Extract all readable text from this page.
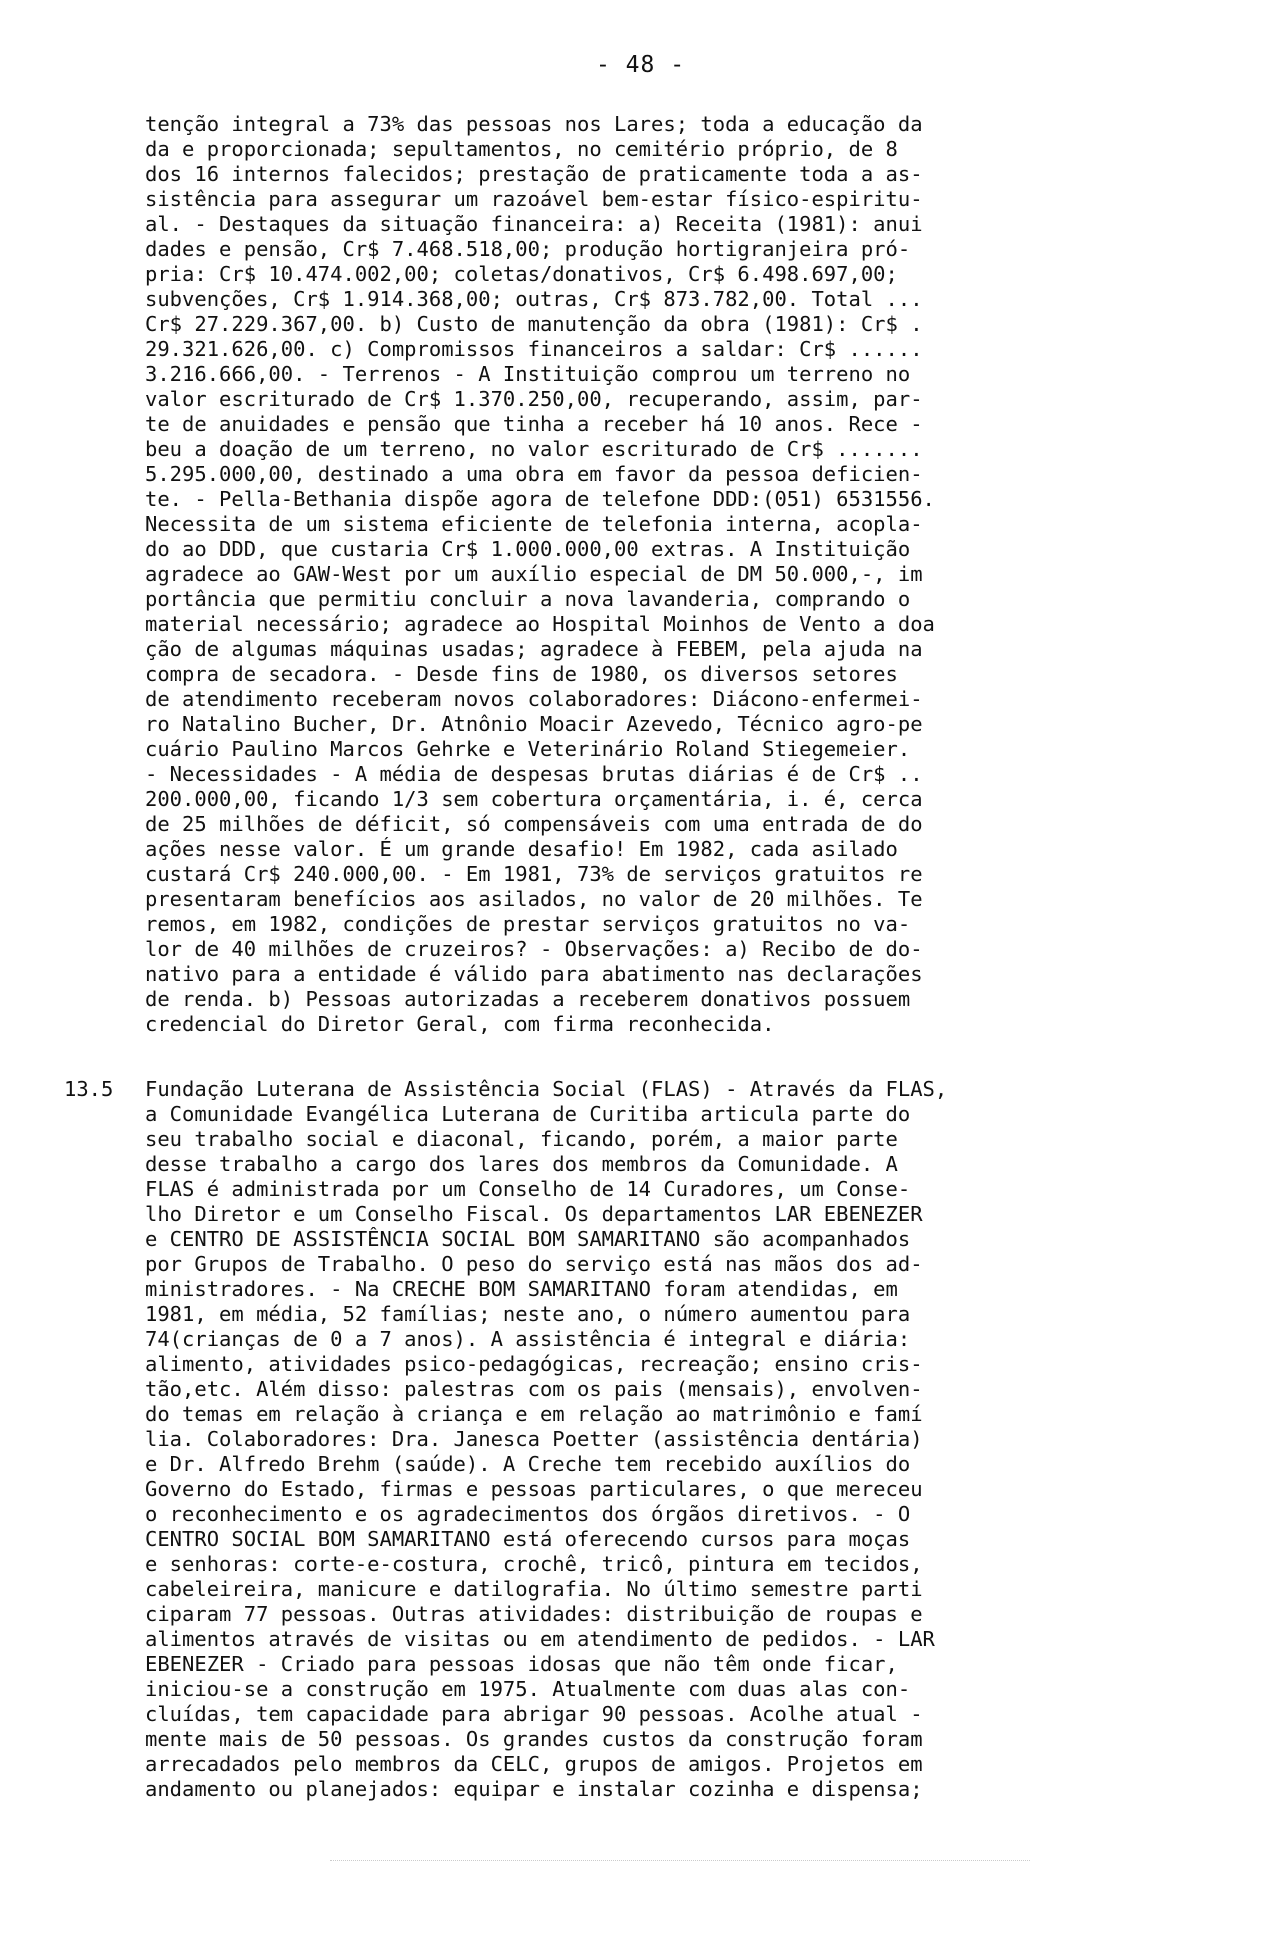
- 48 -
tenção integral a 73% das pessoas nos Lares; toda a educação da
da e proporcionada; sepultamentos, no cemitério próprio, de 8
dos 16 internos falecidos; prestação de praticamente toda a as-
sistência para assegurar um razoável bem-estar físico-espiritu-
al. - Destaques da situação financeira: a) Receita (1981): anui
dades e pensão, Cr$ 7.468.518,00; produção hortigranjeira pró-
pria: Cr$ 10.474.002,00; coletas/donativos, Cr$ 6.498.697,00;
subvenções, Cr$ 1.914.368,00; outras, Cr$ 873.782,00. Total ...
Cr$ 27.229.367,00. b) Custo de manutenção da obra (1981): Cr$ .
29.321.626,00. c) Compromissos financeiros a saldar: Cr$ ......
3.216.666,00. - Terrenos - A Instituição comprou um terreno no
valor escriturado de Cr$ 1.370.250,00, recuperando, assim, par-
te de anuidades e pensão que tinha a receber há 10 anos. Rece -
beu a doação de um terreno, no valor escriturado de Cr$ .......
5.295.000,00, destinado a uma obra em favor da pessoa deficien-
te. - Pella-Bethania dispõe agora de telefone DDD:(051) 6531556.
Necessita de um sistema eficiente de telefonia interna, acopla-
do ao DDD, que custaria Cr$ 1.000.000,00 extras. A Instituição
agradece ao GAW-West por um auxílio especial de DM 50.000,-, im
portância que permitiu concluir a nova lavanderia, comprando o
material necessário; agradece ao Hospital Moinhos de Vento a doa
ção de algumas máquinas usadas; agradece à FEBEM, pela ajuda na
compra de secadora. - Desde fins de 1980, os diversos setores
de atendimento receberam novos colaboradores: Diácono-enfermei-
ro Natalino Bucher, Dr. Atnônio Moacir Azevedo, Técnico agro-pe
cuário Paulino Marcos Gehrke e Veterinário Roland Stiegemeier.
- Necessidades - A média de despesas brutas diárias é de Cr$ ..
200.000,00, ficando 1/3 sem cobertura orçamentária, i. é, cerca
de 25 milhões de déficit, só compensáveis com uma entrada de do
ações nesse valor. É um grande desafio! Em 1982, cada asilado
custará Cr$ 240.000,00. - Em 1981, 73% de serviços gratuitos re
presentaram benefícios aos asilados, no valor de 20 milhões. Te
remos, em 1982, condições de prestar serviços gratuitos no va-
lor de 40 milhões de cruzeiros? - Observações: a) Recibo de do-
nativo para a entidade é válido para abatimento nas declarações
de renda. b) Pessoas autorizadas a receberem donativos possuem
credencial do Diretor Geral, com firma reconhecida.
13.5 Fundação Luterana de Assistência Social (FLAS) - Através da FLAS,
a Comunidade Evangélica Luterana de Curitiba articula parte do
seu trabalho social e diaconal, ficando, porém, a maior parte
desse trabalho a cargo dos lares dos membros da Comunidade. A
FLAS é administrada por um Conselho de 14 Curadores, um Conse-
lho Diretor e um Conselho Fiscal. Os departamentos LAR EBENEZER
e CENTRO DE ASSISTÊNCIA SOCIAL BOM SAMARITANO são acompanhados
por Grupos de Trabalho. O peso do serviço está nas mãos dos ad-
ministradores. - Na CRECHE BOM SAMARITANO foram atendidas, em
1981, em média, 52 famílias; neste ano, o número aumentou para
74(crianças de 0 a 7 anos). A assistência é integral e diária:
alimento, atividades psico-pedagógicas, recreação; ensino cris-
tão,etc. Além disso: palestras com os pais (mensais), envolven-
do temas em relação à criança e em relação ao matrimônio e famí
lia. Colaboradores: Dra. Janesca Poetter (assistência dentária)
e Dr. Alfredo Brehm (saúde). A Creche tem recebido auxílios do
Governo do Estado, firmas e pessoas particulares, o que mereceu
o reconhecimento e os agradecimentos dos órgãos diretivos. - O
CENTRO SOCIAL BOM SAMARITANO está oferecendo cursos para moças
e senhoras: corte-e-costura, crochê, tricô, pintura em tecidos,
cabeleireira, manicure e datilografia. No último semestre parti
ciparam 77 pessoas. Outras atividades: distribuição de roupas e
alimentos através de visitas ou em atendimento de pedidos. - LAR
EBENEZER - Criado para pessoas idosas que não têm onde ficar,
iniciou-se a construção em 1975. Atualmente com duas alas con-
cluídas, tem capacidade para abrigar 90 pessoas. Acolhe atual -
mente mais de 50 pessoas. Os grandes custos da construção foram
arrecadados pelo membros da CELC, grupos de amigos. Projetos em
andamento ou planejados: equipar e instalar cozinha e dispensa;
